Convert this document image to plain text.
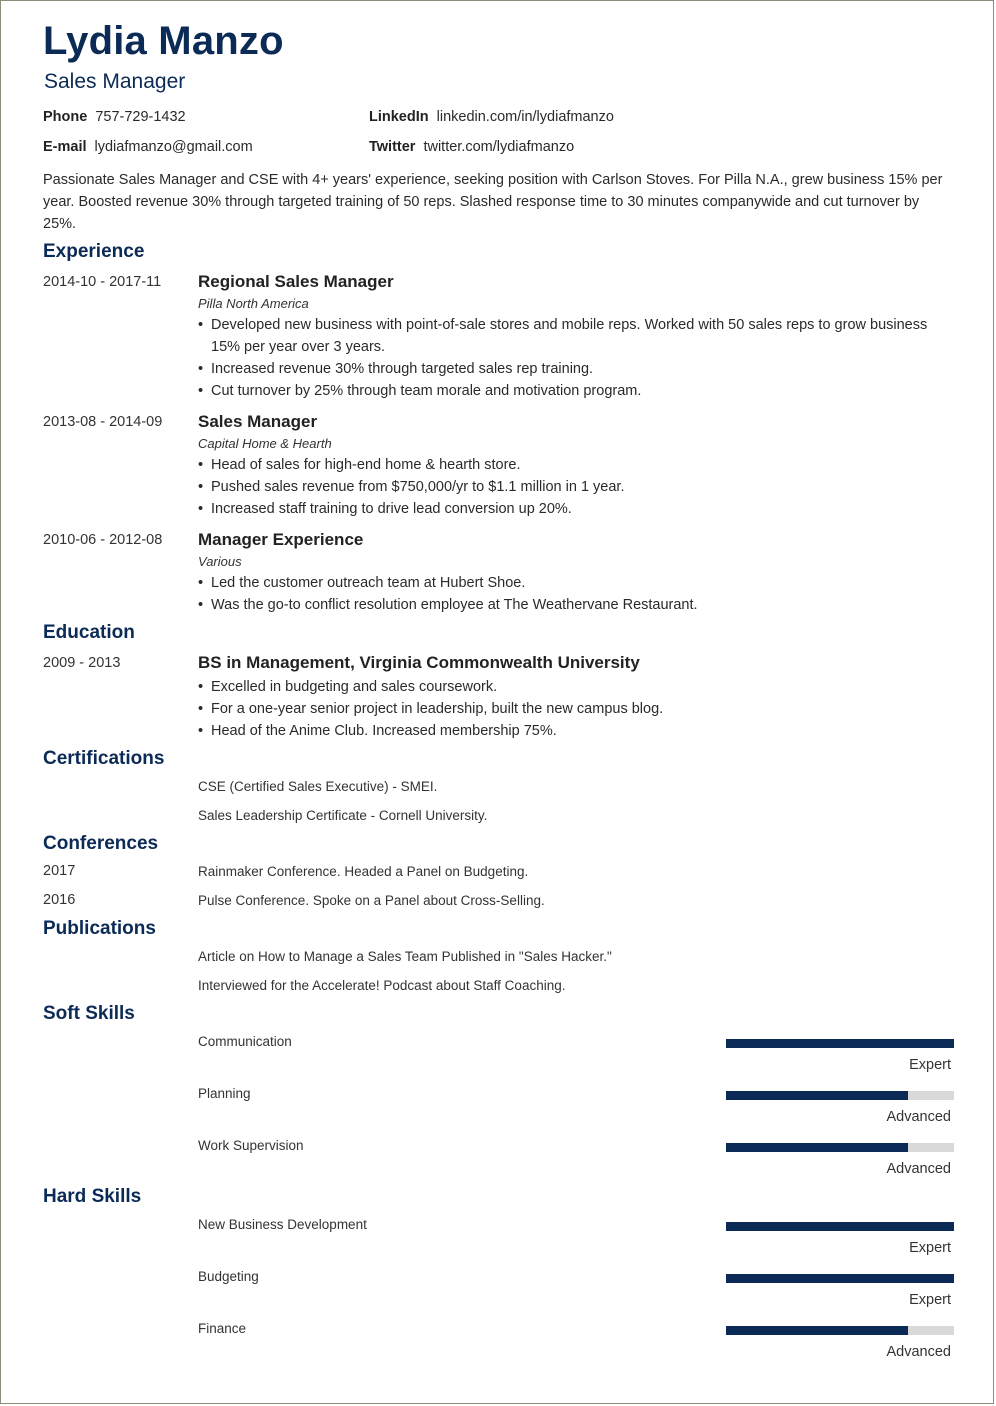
Lydia Manzo
Sales Manager
Phone 757-729-1432	LinkedIn linkedin.com/in/lydiafmanzo
E-mail lydiafmanzo@gmail.com	Twitter twitter.com/lydiafmanzo
Passionate Sales Manager and CSE with 4+ years' experience, seeking position with Carlson Stoves. For Pilla N.A., grew business 15% per year. Boosted revenue 30% through targeted training of 50 reps. Slashed response time to 30 minutes companywide and cut turnover by 25%.
Experience
2014-10 - 2017-11 Regional Sales Manager
Pilla North America
• Developed new business with point-of-sale stores and mobile reps. Worked with 50 sales reps to grow business 15% per year over 3 years.
• Increased revenue 30% through targeted sales rep training.
• Cut turnover by 25% through team morale and motivation program.
2013-08 - 2014-09 Sales Manager
Capital Home & Hearth
• Head of sales for high-end home & hearth store.
• Pushed sales revenue from $750,000/yr to $1.1 million in 1 year.
• Increased staff training to drive lead conversion up 20%.
2010-06 - 2012-08 Manager Experience
Various
• Led the customer outreach team at Hubert Shoe.
• Was the go-to conflict resolution employee at The Weathervane Restaurant.
Education
2009 - 2013	BS in Management, Virginia Commonwealth University
• Excelled in budgeting and sales coursework.
• For a one-year senior project in leadership, built the new campus blog.
• Head of the Anime Club. Increased membership 75%.
Certifications
CSE (Certified Sales Executive) - SMEI.
Sales Leadership Certificate - Cornell University.
Conferences
2017	Rainmaker Conference. Headed a Panel on Budgeting.
2016	Pulse Conference. Spoke on a Panel about Cross-Selling.
Publications
Article on How to Manage a Sales Team Published in "Sales Hacker."
Interviewed for the Accelerate! Podcast about Staff Coaching.
Soft Skills
Communication
Expert
Planning
Advanced
Work Supervision
Advanced
Hard Skills
New Business Development
Expert
Budgeting
Expert
Finance
Advanced
